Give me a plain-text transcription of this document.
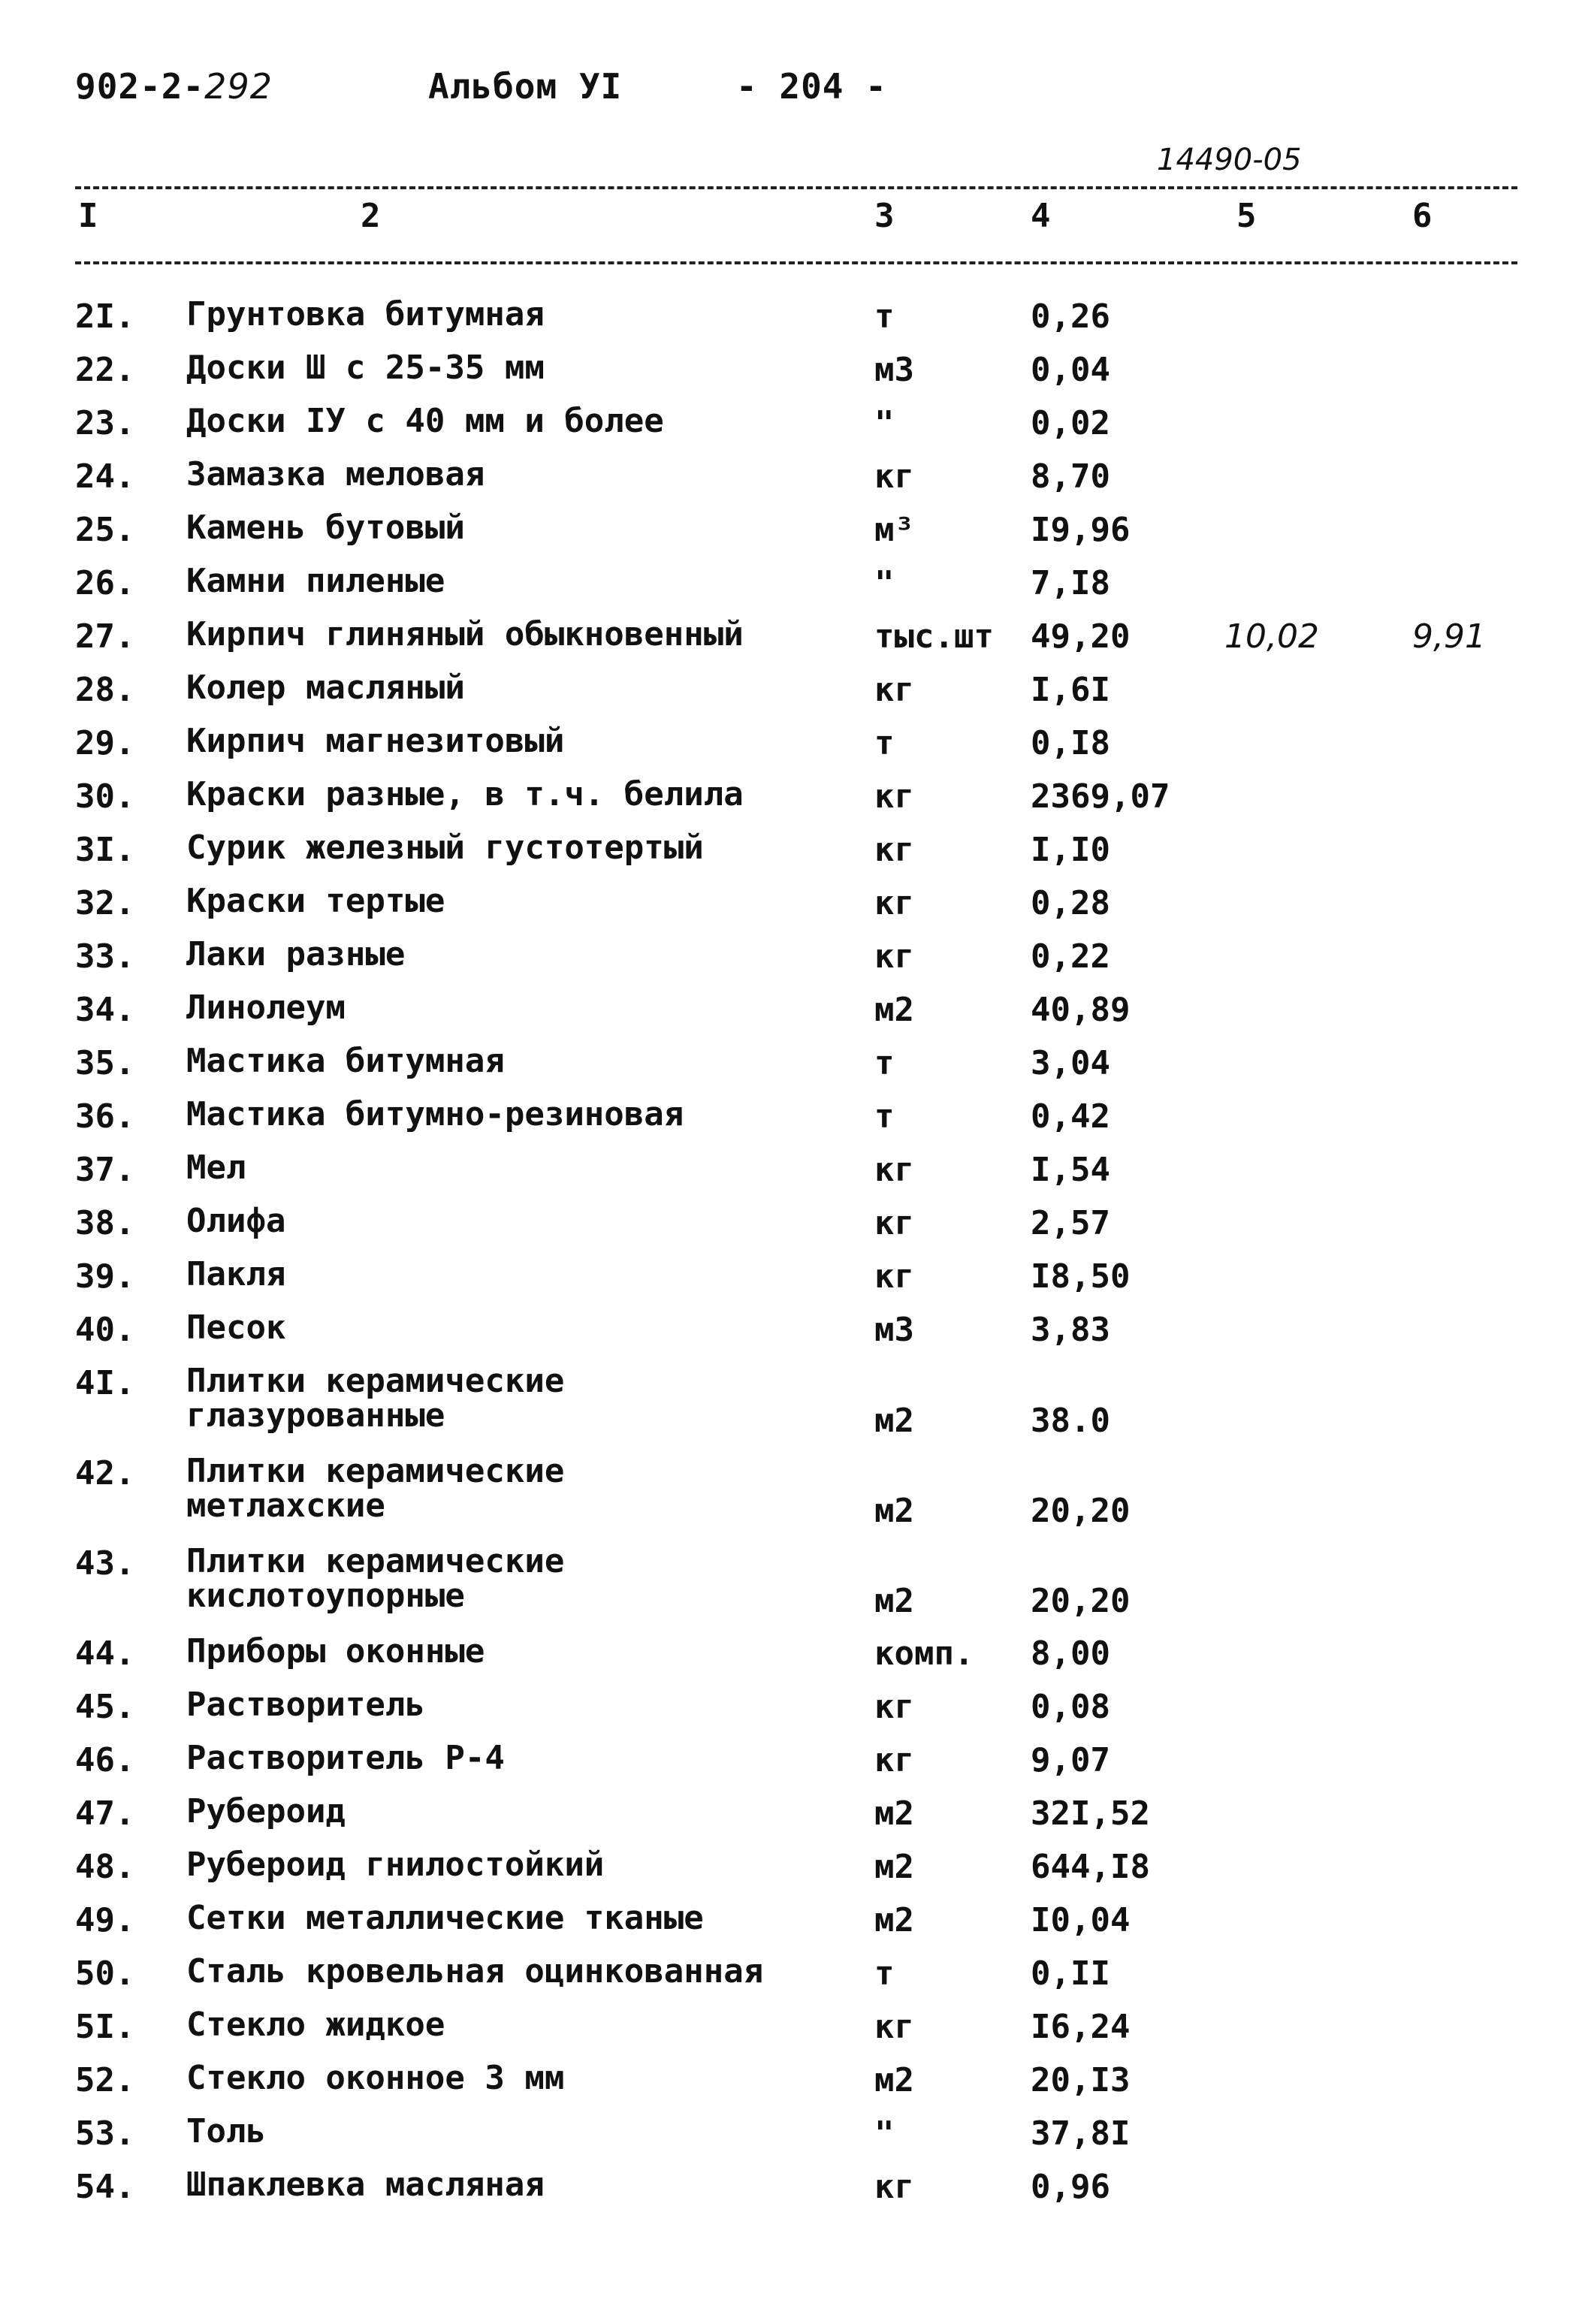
902-2-292	Альбом УI	- 204 -
14490-05
I	2	3	4	5	6
2I. Грунтовка битумная	т	0,26
22. Доски Ш с 25-35 мм	м3	0,04
23. Доски IУ с 40 мм и более	"	0,02
24. Замазка меловая	кг	8,70
25. Камень бутовый	м³	I9,96
26. Камни пиленые	"	7,I8
27. Кирпич глиняный обыкновенный	тыс.шт 49,20	10,02	9,91
28. Колер масляный	кг	I,6I
29. Кирпич магнезитовый	т	0,I8
30. Краски разные, в т.ч. белила	кг	2369,07
3I. Сурик железный густотертый	кг	I,I0
32. Краски тертые	кг	0,28
33. Лаки разные	кг	0,22
34. Линолеум	м2	40,89
35. Мастика битумная	т	3,04
36. Мастика битумно-резиновая	т	0,42
37. Мел	кг	I,54
38. Олифа	кг	2,57
39. Пакля	кг	I8,50
40. Песок	м3	3,83
4I. Плитки керамические
глазурованные	м2	38.0
42. Плитки керамические
метлахские	м2	20,20
43. Плитки керамические
кислотоупорные	м2	20,20
44. Приборы оконные	комп. 8,00
45. Растворитель	кг	0,08
46. Растворитель Р-4	кг	9,07
47. Рубероид	м2	32I,52
48. Рубероид гнилостойкий	м2	644,I8
49. Сетки металлические тканые	м2	I0,04
50. Сталь кровельная оцинкованная	т	0,II
5I. Стекло жидкое	кг	I6,24
52. Стекло оконное 3 мм	м2	20,I3
53. Толь	"	37,8I
54. Шпаклевка масляная	кг	0,96
